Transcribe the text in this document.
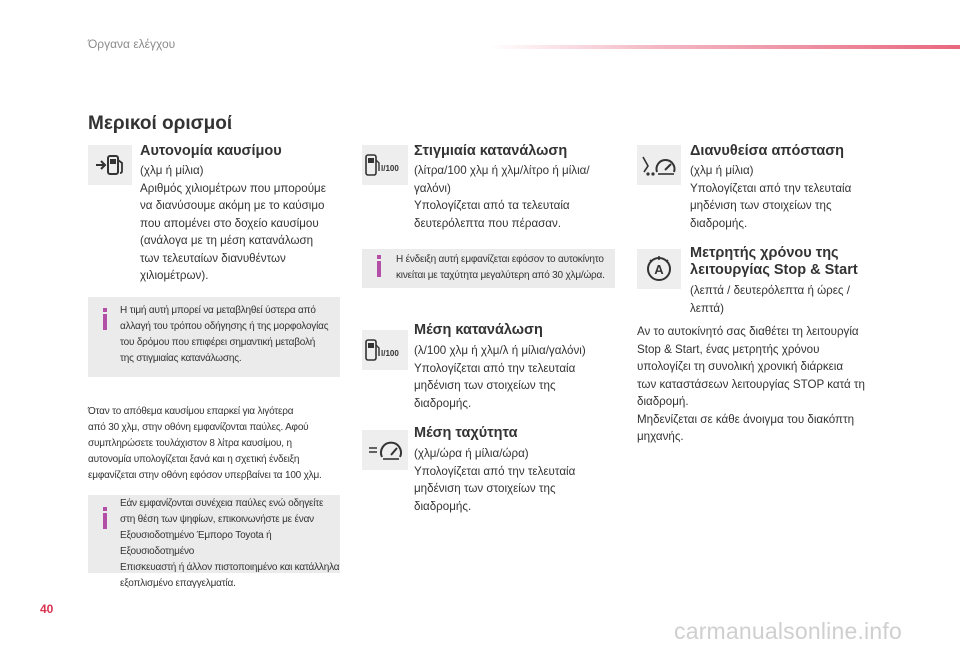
Όργανα ελέγχου
Μερικοί ορισμοί
Αυτονομία καυσίμου
(χλμ ή μίλια)
Αριθμός χιλιομέτρων που μπορούμε
να διανύσουμε ακόμη με το καύσιμο
που απομένει στο δοχείο καυσίμου
(ανάλογα με τη μέση κατανάλωση
των τελευταίων διανυθέντων
χιλιομέτρων).
Η τιμή αυτή μπορεί να μεταβληθεί ύστερα από
αλλαγή του τρόπου οδήγησης ή της μορφολογίας
του δρόμου που επιφέρει σημαντική μεταβολή
της στιγμιαίας κατανάλωσης.
Όταν το απόθεμα καυσίμου επαρκεί για λιγότερα
από 30 χλμ, στην οθόνη εμφανίζονται παύλες. Αφού
συμπληρώσετε τουλάχιστον 8 λίτρα καυσίμου, η
αυτονομία υπολογίζεται ξανά και η σχετική ένδειξη
εμφανίζεται στην οθόνη εφόσον υπερβαίνει τα 100 χλμ.
Εάν εμφανίζονται συνέχεια παύλες ενώ οδηγείτε
στη θέση των ψηφίων, επικοινωνήστε με έναν
Εξουσιοδοτημένο Έμπορο Toyota ή Εξουσιοδοτημένο
Επισκευαστή ή άλλον πιστοποιημένο και κατάλληλα
εξοπλισμένο επαγγελματία.
l/100
Στιγμιαία κατανάλωση
(λίτρα/100 χλμ ή χλμ/λίτρο ή μίλια/
γαλόνι)
Υπολογίζεται από τα τελευταία
δευτερόλεπτα που πέρασαν.
Η ένδειξη αυτή εμφανίζεται εφόσον το αυτοκίνητο
κινείται με ταχύτητα μεγαλύτερη από 30 χλμ/ώρα.
l/100
Μέση κατανάλωση
(λ/100 χλμ ή χλμ/λ ή μίλια/γαλόνι)
Υπολογίζεται από την τελευταία
μηδένιση των στοιχείων της
διαδρομής.
Μέση ταχύτητα
(χλμ/ώρα ή μίλια/ώρα)
Υπολογίζεται από την τελευταία
μηδένιση των στοιχείων της
διαδρομής.
Διανυθείσα απόσταση
(χλμ ή μίλια)
Υπολογίζεται από την τελευταία
μηδένιση των στοιχείων της
διαδρομής.
A
Μετρητής χρόνου της
λειτουργίας Stop & Start
(λεπτά / δευτερόλεπτα ή ώρες /
λεπτά)
Αν το αυτοκίνητό σας διαθέτει τη λειτουργία
Stop & Start, ένας μετρητής χρόνου
υπολογίζει τη συνολική χρονική διάρκεια
των καταστάσεων λειτουργίας STOP κατά τη
διαδρομή.
Μηδενίζεται σε κάθε άνοιγμα του διακόπτη
μηχανής.
40
carmanualsonline.info
